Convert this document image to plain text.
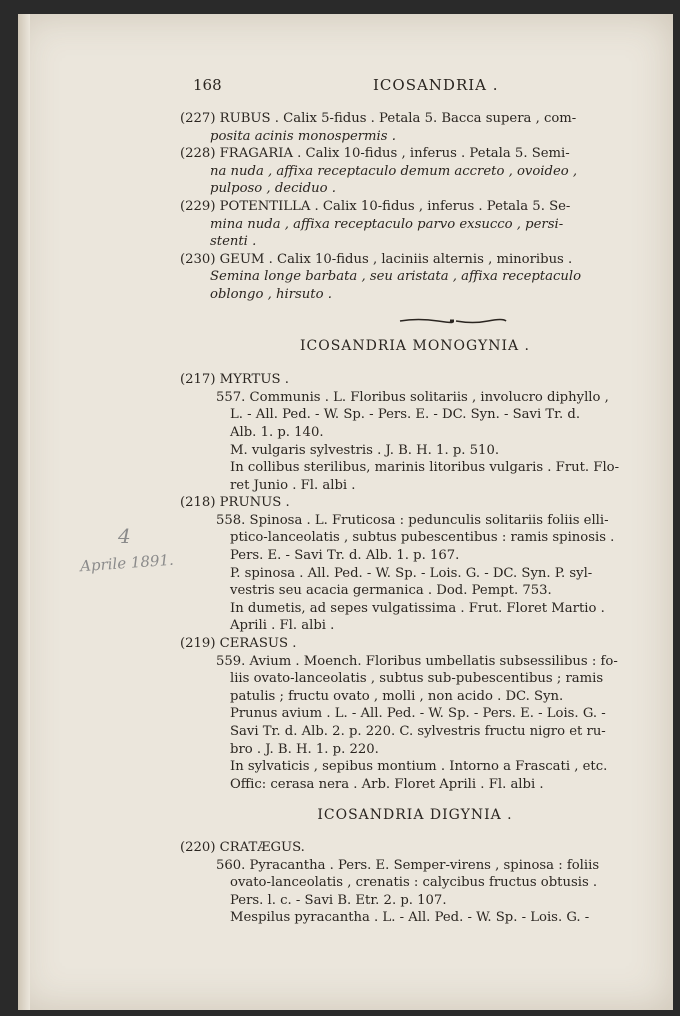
4
Aprile 1891.
168	ICOSANDRIA .
(227) RUBUS . Calix 5-fidus . Petala 5. Bacca supera , com-
posita acinis monospermis .
(228) FRAGARIA . Calix 10-fidus , inferus . Petala 5. Semi-
na nuda , affixa receptaculo demum accreto , ovoideo ,
pulposo , deciduo .
(229) POTENTILLA . Calix 10-fidus , inferus . Petala 5. Se-
mina nuda , affixa receptaculo parvo exsucco , persi-
stenti .
(230) GEUM . Calix 10-fidus , laciniis alternis , minoribus .
Semina longe barbata , seu aristata , affixa receptaculo
oblongo , hirsuto .
ICOSANDRIA MONOGYNIA .
(217) MYRTUS .
557. Communis . L. Floribus solitariis , involucro diphyllo ,
L. - All. Ped. - W. Sp. - Pers. E. - DC. Syn. - Savi Tr. d.
Alb. 1. p. 140.
M. vulgaris sylvestris . J. B. H. 1. p. 510.
In collibus sterilibus, marinis litoribus vulgaris . Frut. Flo-
ret Junio . Fl. albi .
(218) PRUNUS .
558. Spinosa . L. Fruticosa : pedunculis solitariis foliis elli-
ptico-lanceolatis , subtus pubescentibus : ramis spinosis .
Pers. E. - Savi Tr. d. Alb. 1. p. 167.
P. spinosa . All. Ped. - W. Sp. - Lois. G. - DC. Syn. P. syl-
vestris seu acacia germanica . Dod. Pempt. 753.
In dumetis, ad sepes vulgatissima . Frut. Floret Martio .
Aprili . Fl. albi .
(219) CERASUS .
559. Avium . Moench. Floribus umbellatis subsessilibus : fo-
liis ovato-lanceolatis , subtus sub-pubescentibus ; ramis
patulis ; fructu ovato , molli , non acido . DC. Syn.
Prunus avium . L. - All. Ped. - W. Sp. - Pers. E. - Lois. G. -
Savi Tr. d. Alb. 2. p. 220. C. sylvestris fructu nigro et ru-
bro . J. B. H. 1. p. 220.
In sylvaticis , sepibus montium . Intorno a Frascati , etc.
Offic: cerasa nera . Arb. Floret Aprili . Fl. albi .
ICOSANDRIA DIGYNIA .
(220) CRATÆGUS.
560. Pyracantha . Pers. E. Semper-virens , spinosa : foliis
ovato-lanceolatis , crenatis : calycibus fructus obtusis .
Pers. l. c. - Savi B. Etr. 2. p. 107.
Mespilus pyracantha . L. - All. Ped. - W. Sp. - Lois. G. -
